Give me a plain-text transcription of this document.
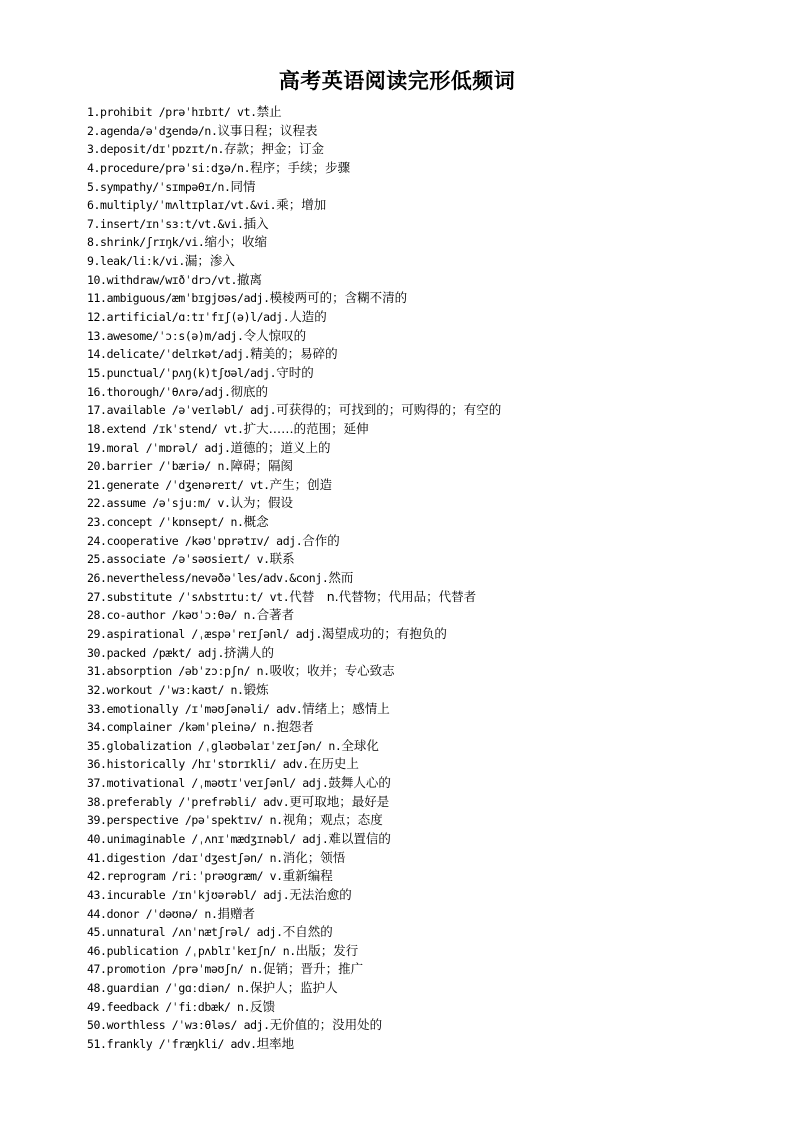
高考英语阅读完形低频词
1.prohibit /prəˈhɪbɪt/ vt.禁止
2.agenda/əˈdʒendə/n.议事日程；议程表
3.deposit/dɪˈpɒzɪt/n.存款；押金；订金
4.procedure/prəˈsiːdʒə/n.程序；手续；步骤
5.sympathy/ˈsɪmpəθɪ/n.同情
6.multiply/ˈmʌltɪplaɪ/vt.&vi.乘；增加
7.insert/ɪnˈsɜːt/vt.&vi.插入
8.shrink/ʃrɪŋk/vi.缩小；收缩
9.leak/liːk/vi.漏；渗入
10.withdraw/wɪðˈdrɔ/vt.撤离
11.ambiguous/æmˈbɪgjʊəs/adj.模棱两可的；含糊不清的
12.artificial/ɑːtɪˈfɪʃ(ə)l/adj.人造的
13.awesome/ˈɔːs(ə)m/adj.令人惊叹的
14.delicate/ˈdelɪkət/adj.精美的；易碎的
15.punctual/ˈpʌŋ(k)tʃʊəl/adj.守时的
16.thorough/ˈθʌrə/adj.彻底的
17.available /əˈveɪləbl/ adj.可获得的；可找到的；可购得的；有空的
18.extend /ɪkˈstend/ vt.扩大……的范围；延伸
19.moral /ˈmɒrəl/ adj.道德的；道义上的
20.barrier /ˈbæriə/ n.障碍；隔阂
21.generate /ˈdʒenəreɪt/ vt.产生；创造
22.assume /əˈsjuːm/ v.认为；假设
23.concept /ˈkɒnsept/ n.概念
24.cooperative /kəʊˈɒprətɪv/ adj.合作的
25.associate /əˈsəʊsieɪt/ v.联系
26.nevertheless/nevəðəˈles/adv.&conj.然而
27.substitute /ˈsʌbstɪtuːt/ vt.代替　n.代替物；代用品；代替者
28.co-author /kəʊˈɔːθə/ n.合著者
29.aspirational /ˌæspəˈreɪʃənl/ adj.渴望成功的；有抱负的
30.packed /pækt/ adj.挤满人的
31.absorption /əbˈzɔːpʃn/ n.吸收；收并；专心致志
32.workout /ˈwɜːkaʊt/ n.锻炼
33.emotionally /ɪˈməʊʃənəli/ adv.情绪上；感情上
34.complainer /kəmˈpleinə/ n.抱怨者
35.globalization /ˌgləʊbəlaɪˈzeɪʃən/ n.全球化
36.historically /hɪˈstɒrɪkli/ adv.在历史上
37.motivational /ˌməʊtɪˈveɪʃənl/ adj.鼓舞人心的
38.preferably /ˈprefrəbli/ adv.更可取地；最好是
39.perspective /pəˈspektɪv/ n.视角；观点；态度
40.unimaginable /ˌʌnɪˈmædʒɪnəbl/ adj.难以置信的
41.digestion /daɪˈdʒestʃən/ n.消化；领悟
42.reprogram /riːˈprəʊgræm/ v.重新编程
43.incurable /ɪnˈkjʊərəbl/ adj.无法治愈的
44.donor /ˈdəʊnə/ n.捐赠者
45.unnatural /ʌnˈnætʃrəl/ adj.不自然的
46.publication /ˌpʌblɪˈkeɪʃn/ n.出版；发行
47.promotion /prəˈməʊʃn/ n.促销；晋升；推广
48.guardian /ˈgɑːdiən/ n.保护人；监护人
49.feedback /ˈfiːdbæk/ n.反馈
50.worthless /ˈwɜːθləs/ adj.无价值的；没用处的
51.frankly /ˈfræŋkli/ adv.坦率地
